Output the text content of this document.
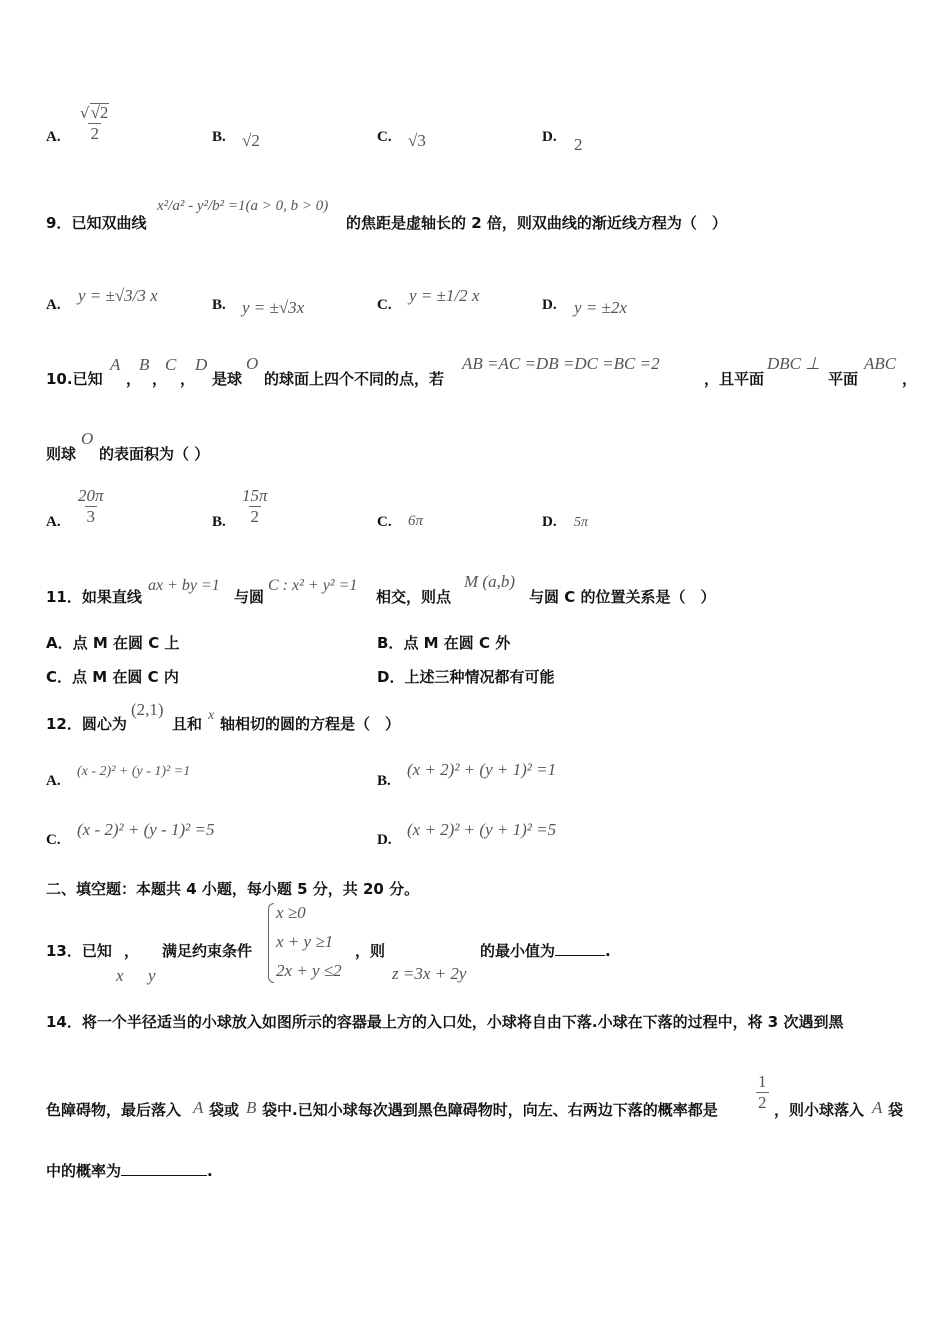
A. $\frac{√√2}{2}$	B. √2	C. √3	D. 2
9．已知双曲线
x²/a² - y²/b² =1(a > 0, b > 0)
的焦距是虚轴长的 2 倍，则双曲线的渐近线方程为（　）
A. y = ±√3/3 x	B. y = ±√3x	C. y = ±1/2 x	D. y = ±2x
10.已知
A
，
B
，
C
，
D
是球
O
的球面上四个不同的点，若
AB =AC =DB =DC =BC =2
，且平面
DBC ⊥
平面
ABC
，
则球
O
的表面积为（ ）
A. $\frac{20\pi}{3}$	B. $\frac{15\pi}{2}$	C. 6π	D. 5π
11．如果直线
ax + by =1
与圆
C : x² + y² =1
相交，则点
M (a,b)
与圆 C 的位置关系是（　）
A．点 M 在圆 C 上	B．点 M 在圆 C 外
C．点 M 在圆 C 内	D．上述三种情况都有可能
12．圆心为
(2,1)
且和 x 轴相切的圆的方程是（　）
A.
(x - 2)² + (y - 1)² =1
B.
(x + 2)² + (y + 1)² =1
C.
(x - 2)² + (y - 1)² =5
D.
(x + 2)² + (y + 1)² =5
二、填空题：本题共 4 小题，每小题 5 分，共 20 分。
13．已知 ，
x y
满足约束条件
x ≥0
x + y ≥1
2x + y ≤2
，则
z =3x + 2y
的最小值为	.
14．将一个半径适当的小球放入如图所示的容器最上方的入口处，小球将自由下落.小球在下落的过程中，将 3 次遇到黑
色障碍物，最后落入 A 袋或 B 袋中.已知小球每次遇到黑色障碍物时，向左、右两边下落的概率都是 $\frac{1}{2}$ ，则小球落入 A 袋
中的概率为	.
